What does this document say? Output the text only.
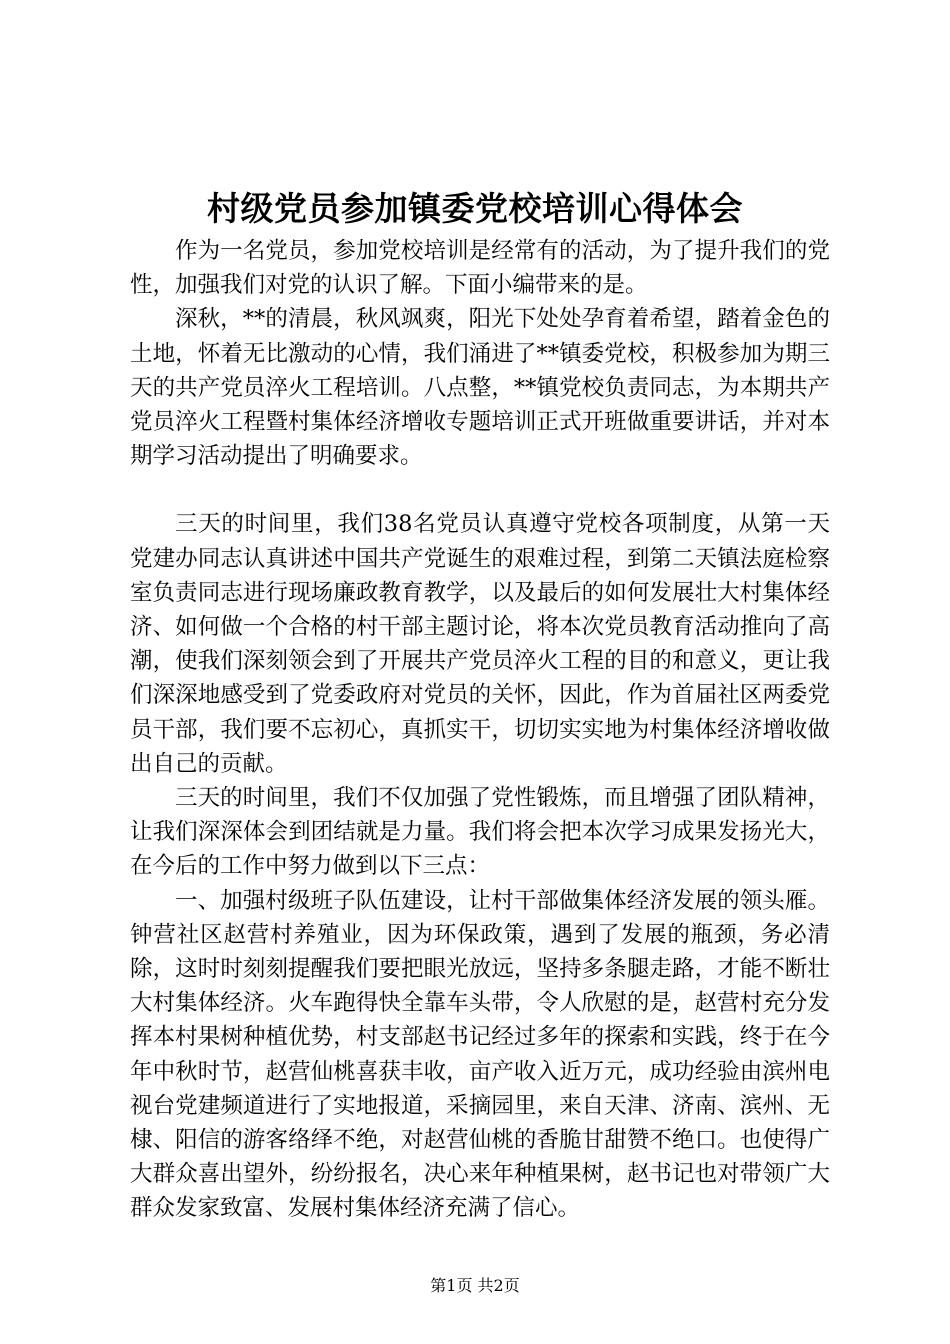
村级党员参加镇委党校培训心得体会

作为一名党员，参加党校培训是经常有的活动，为了提升我们的党性，加强我们对党的认识了解。下面小编带来的是。

深秋，**的清晨，秋风飒爽，阳光下处处孕育着希望，踏着金色的土地，怀着无比激动的心情，我们涌进了**镇委党校，积极参加为期三天的共产党员淬火工程培训。八点整，**镇党校负责同志，为本期共产党员淬火工程暨村集体经济增收专题培训正式开班做重要讲话，并对本期学习活动提出了明确要求。

三天的时间里，我们38名党员认真遵守党校各项制度，从第一天党建办同志认真讲述中国共产党诞生的艰难过程，到第二天镇法庭检察室负责同志进行现场廉政教育教学，以及最后的如何发展壮大村集体经济、如何做一个合格的村干部主题讨论，将本次党员教育活动推向了高潮，使我们深刻领会到了开展共产党员淬火工程的目的和意义，更让我们深深地感受到了党委政府对党员的关怀，因此，作为首届社区两委党员干部，我们要不忘初心，真抓实干，切切实实地为村集体经济增收做出自己的贡献。

三天的时间里，我们不仅加强了党性锻炼，而且增强了团队精神，让我们深深体会到团结就是力量。我们将会把本次学习成果发扬光大，在今后的工作中努力做到以下三点：

一、加强村级班子队伍建设，让村干部做集体经济发展的领头雁。钟营社区赵营村养殖业，因为环保政策，遇到了发展的瓶颈，务必清除，这时时刻刻提醒我们要把眼光放远，坚持多条腿走路，才能不断壮大村集体经济。火车跑得快全靠车头带，令人欣慰的是，赵营村充分发挥本村果树种植优势，村支部赵书记经过多年的探索和实践，终于在今年中秋时节，赵营仙桃喜获丰收，亩产收入近万元，成功经验由滨州电视台党建频道进行了实地报道，采摘园里，来自天津、济南、滨州、无棣、阳信的游客络绎不绝，对赵营仙桃的香脆甘甜赞不绝口。也使得广大群众喜出望外，纷纷报名，决心来年种植果树，赵书记也对带领广大群众发家致富、发展村集体经济充满了信心。

第1页 共2页
